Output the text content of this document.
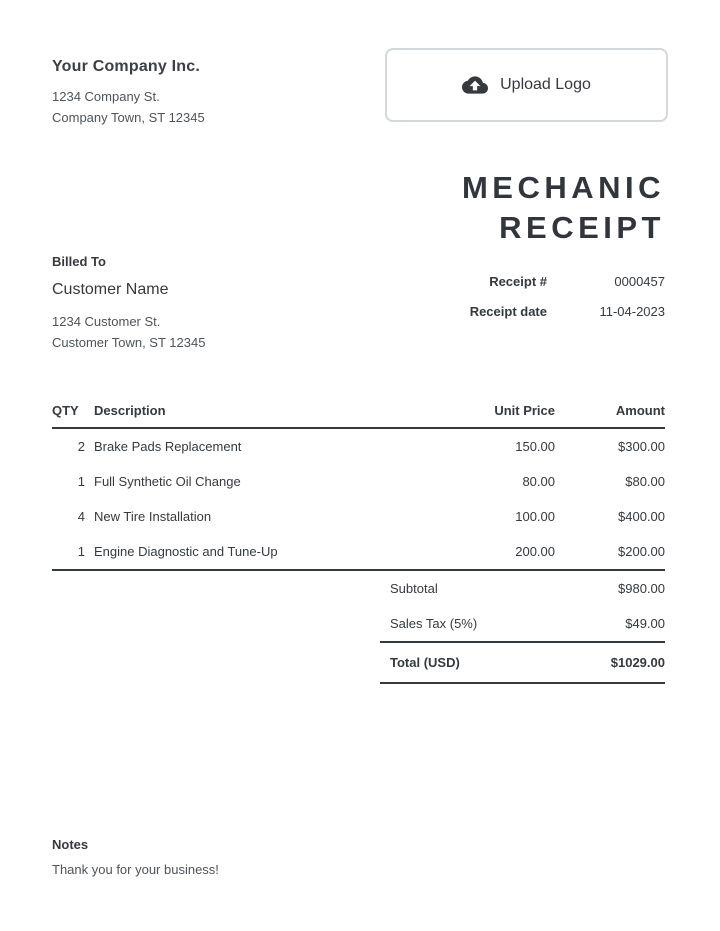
Your Company Inc.
1234 Company St.
Company Town, ST 12345
Upload Logo
Billed To
Customer Name
1234 Customer St.
Customer Town, ST 12345
MECHANIC
RECEIPT
Receipt #	0000457
Receipt date	11-04-2023
QTY	Description	Unit Price	Amount
2 Brake Pads Replacement	150.00	$300.00
1 Full Synthetic Oil Change	80.00	$80.00
4 New Tire Installation	100.00	$400.00
1 Engine Diagnostic and Tune-Up	200.00	$200.00
Subtotal	$980.00
Sales Tax (5%)	$49.00
Total (USD)	$1029.00
Notes
Thank you for your business!
